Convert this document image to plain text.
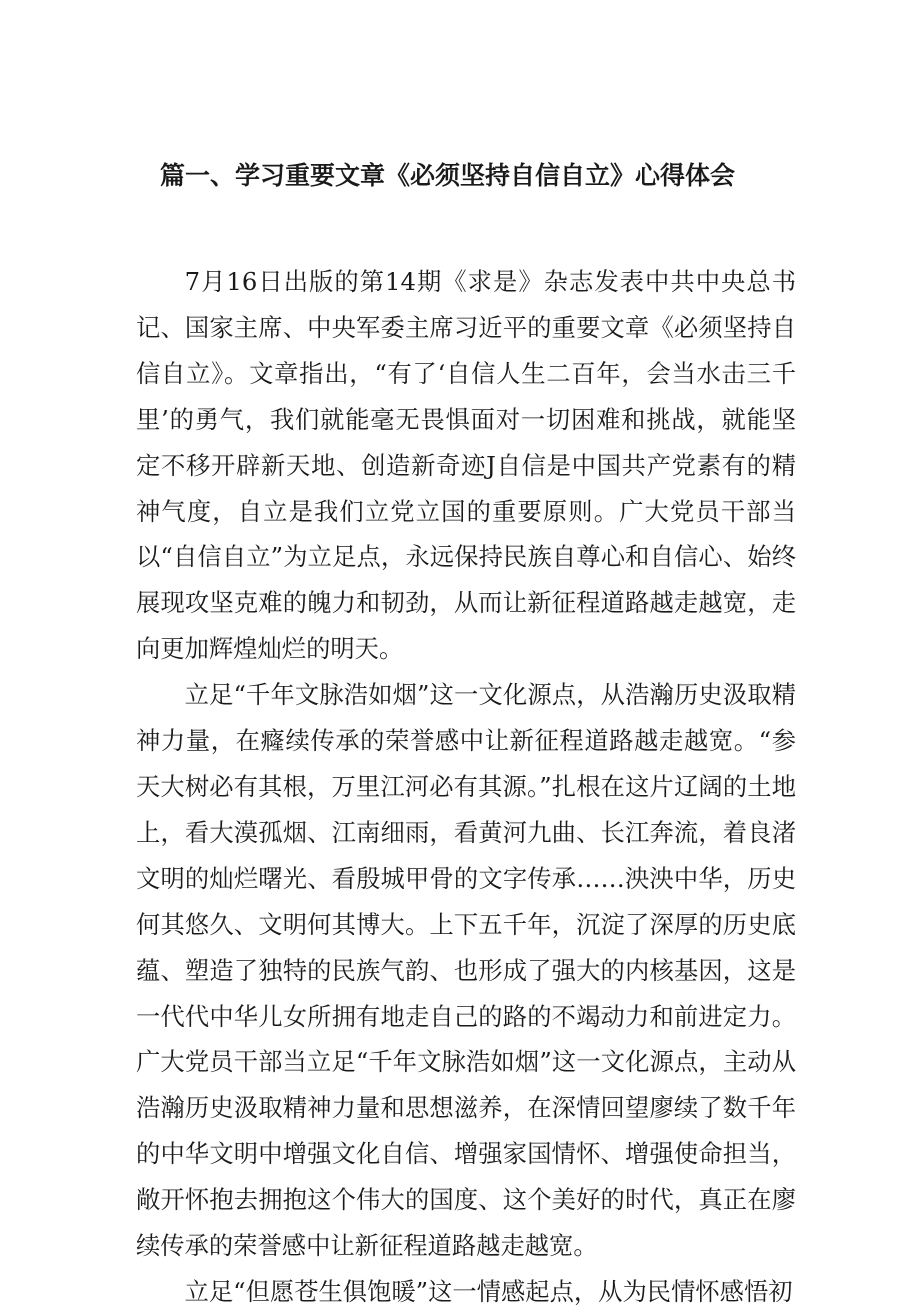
篇一、学习重要文章《必须坚持自信自立》心得体会

7月16日出版的第14期《求是》杂志发表中共中央总书记、国家主席、中央军委主席习近平的重要文章《必须坚持自信自立》。文章指出，“有了‘自信人生二百年，会当水击三千里’的勇气，我们就能毫无畏惧面对一切困难和挑战，就能坚定不移开辟新天地、创造新奇迹J自信是中国共产党素有的精神气度，自立是我们立党立国的重要原则。广大党员干部当以“自信自立”为立足点，永远保持民族自尊心和自信心、始终展现攻坚克难的魄力和韧劲，从而让新征程道路越走越宽，走向更加辉煌灿烂的明天。

立足“千年文脉浩如烟”这一文化源点，从浩瀚历史汲取精神力量，在癃续传承的荣誉感中让新征程道路越走越宽。“参天大树必有其根，万里江河必有其源。”扎根在这片辽阔的土地上，看大漠孤烟、江南细雨，看黄河九曲、长江奔流，着良渚文明的灿烂曙光、看殷城甲骨的文字传承……泱泱中华，历史何其悠久、文明何其博大。上下五千年，沉淀了深厚的历史底蕴、塑造了独特的民族气韵、也形成了强大的内核基因，这是一代代中华儿女所拥有地走自己的路的不竭动力和前进定力。广大党员干部当立足“千年文脉浩如烟”这一文化源点，主动从浩瀚历史汲取精神力量和思想滋养，在深情回望廖续了数千年的中华文明中增强文化自信、增强家国情怀、增强使命担当，敞开怀抱去拥抱这个伟大的国度、这个美好的时代，真正在廖续传承的荣誉感中让新征程道路越走越宽。

立足“但愿苍生俱饱暖”这一情感起点，从为民情怀感悟初
